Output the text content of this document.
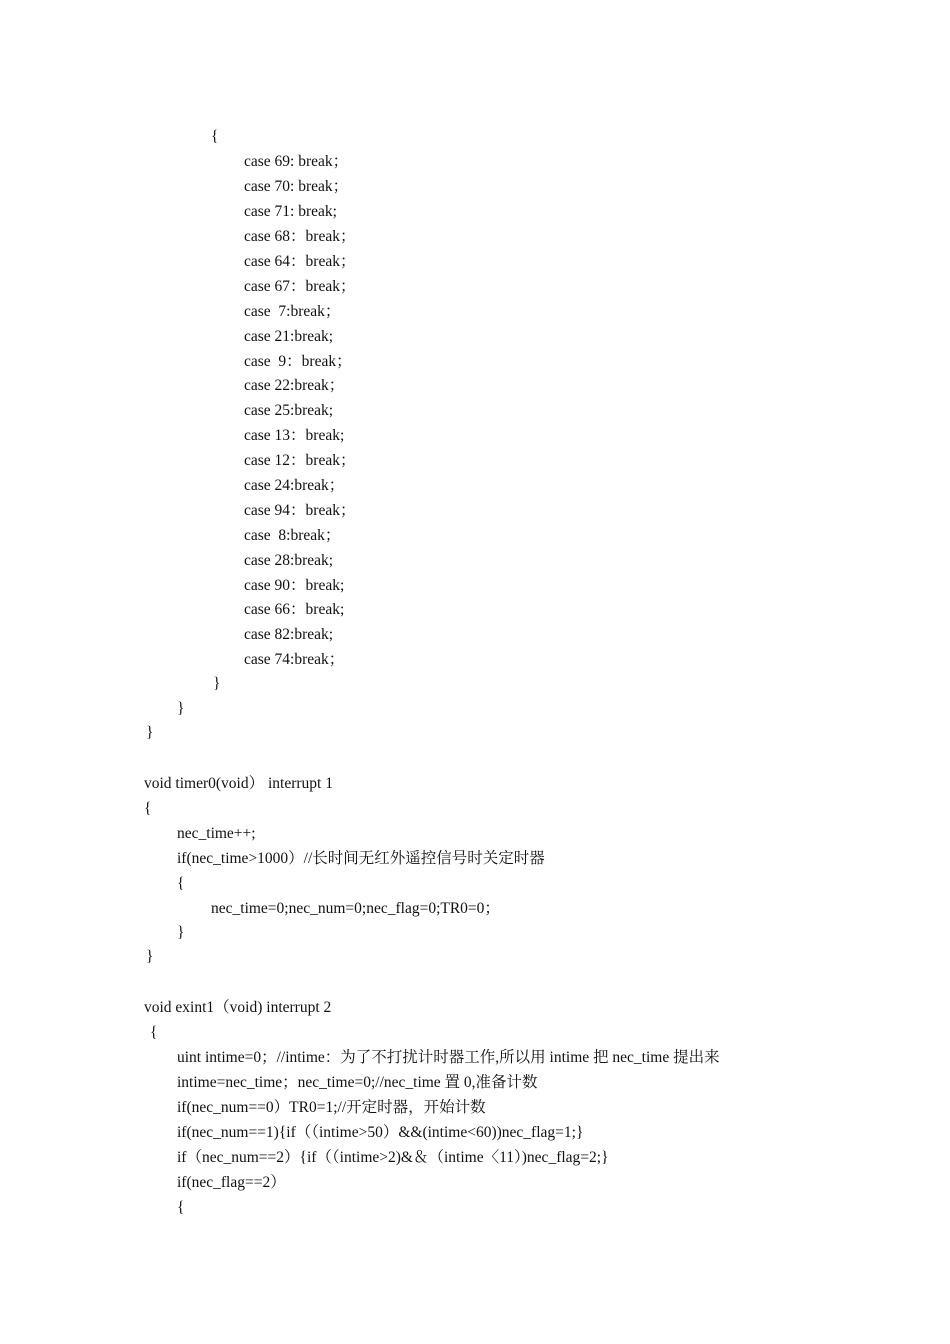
{
case 69: break；
case 70: break；
case 71: break;
case 68：break；
case 64：break；
case 67：break；
case  7:break；
case 21:break;
case  9：break；
case 22:break；
case 25:break;
case 13：break;
case 12：break；
case 24:break；
case 94：break；
case  8:break；
case 28:break;
case 90：break;
case 66：break;
case 82:break;
case 74:break；
}
}
}
void timer0(void） interrupt 1
{
nec_time++;
if(nec_time>1000）//长时间无红外遥控信号时关定时器
{
nec_time=0;nec_num=0;nec_flag=0;TR0=0；
}
}
void exint1（void) interrupt 2
{
uint intime=0；//intime：为了不打扰计时器工作,所以用 intime 把 nec_time 提出来
intime=nec_time；nec_time=0;//nec_time 置 0,准备计数
if(nec_num==0）TR0=1;//开定时器，开始计数
if(nec_num==1){if（（intime>50）&&(intime<60))nec_flag=1;}
if（nec_num==2）{if（（intime>2)&＆（intime〈11）)nec_flag=2;}
if(nec_flag==2）
{
